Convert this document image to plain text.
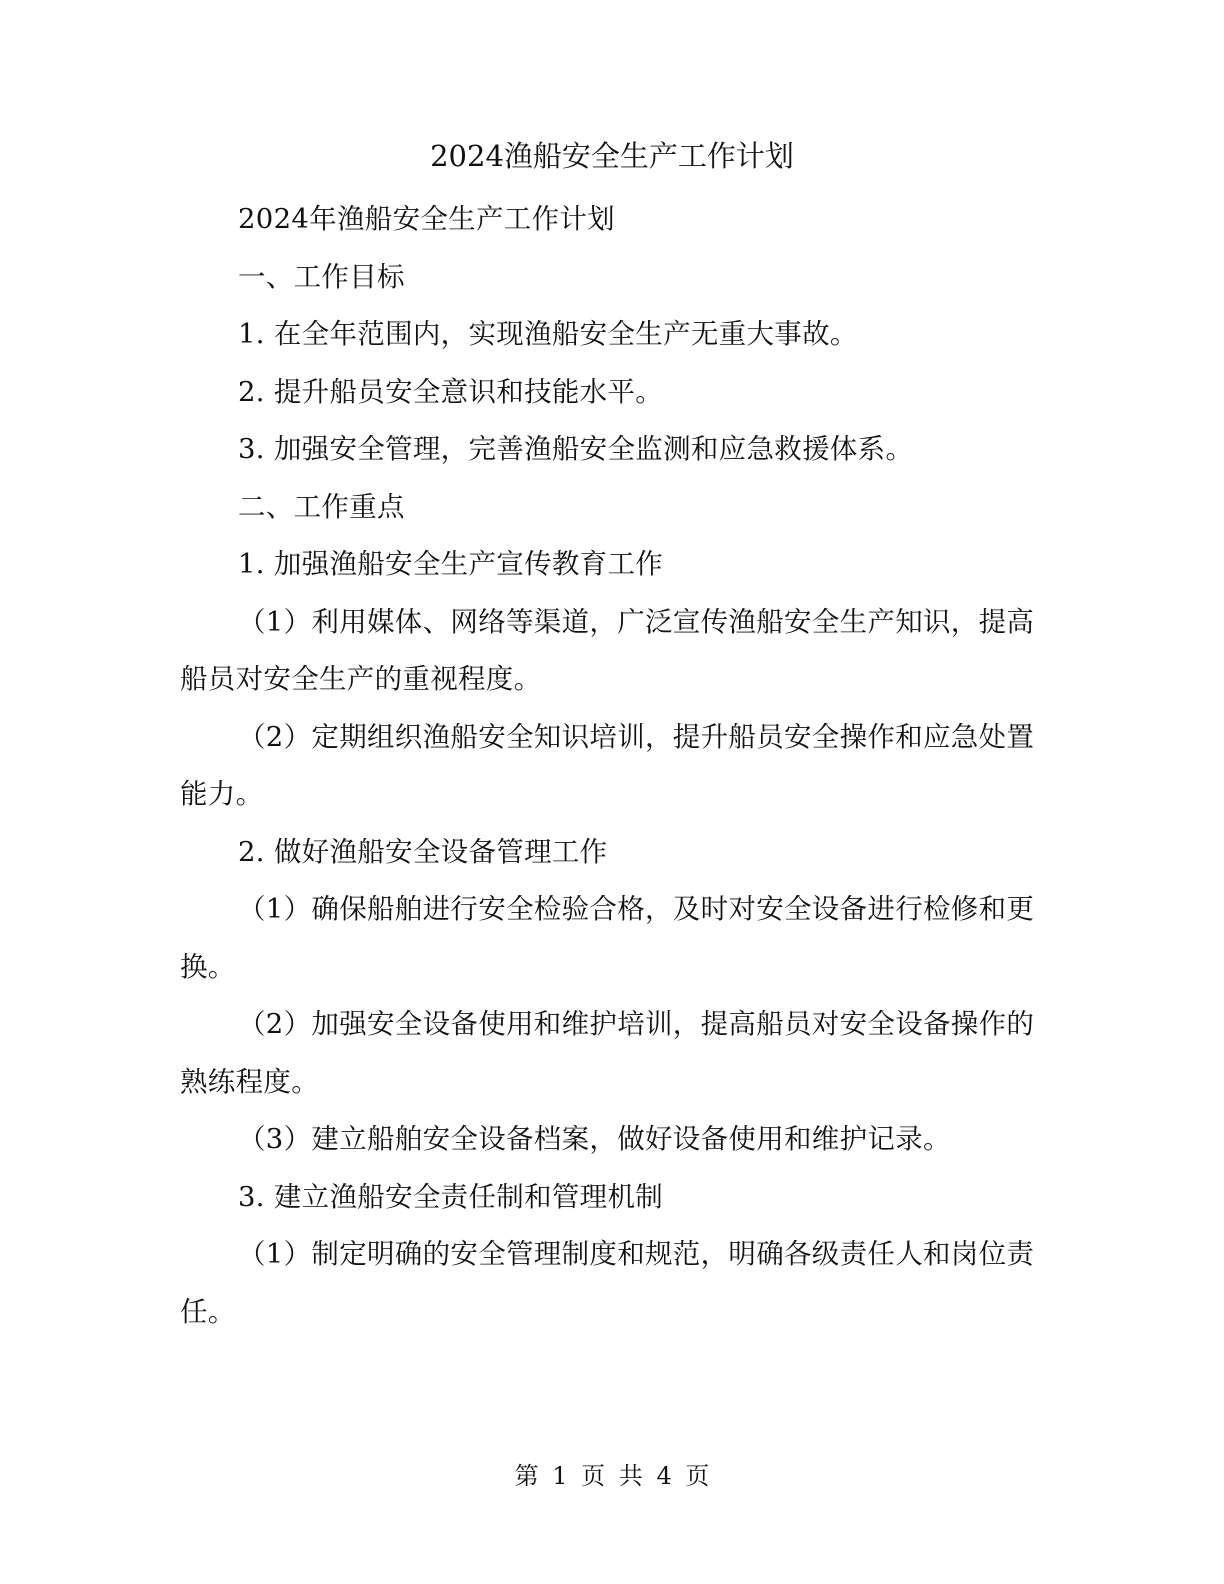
2024渔船安全生产工作计划

2024年渔船安全生产工作计划

一、工作目标

1. 在全年范围内，实现渔船安全生产无重大事故。

2. 提升船员安全意识和技能水平。

3. 加强安全管理，完善渔船安全监测和应急救援体系。

二、工作重点

1. 加强渔船安全生产宣传教育工作

（1）利用媒体、网络等渠道，广泛宣传渔船安全生产知识，提高船员对安全生产的重视程度。

（2）定期组织渔船安全知识培训，提升船员安全操作和应急处置能力。

2. 做好渔船安全设备管理工作

（1）确保船舶进行安全检验合格，及时对安全设备进行检修和更换。

（2）加强安全设备使用和维护培训，提高船员对安全设备操作的熟练程度。

（3）建立船舶安全设备档案，做好设备使用和维护记录。

3. 建立渔船安全责任制和管理机制

（1）制定明确的安全管理制度和规范，明确各级责任人和岗位责任。

第 1 页 共 4 页
